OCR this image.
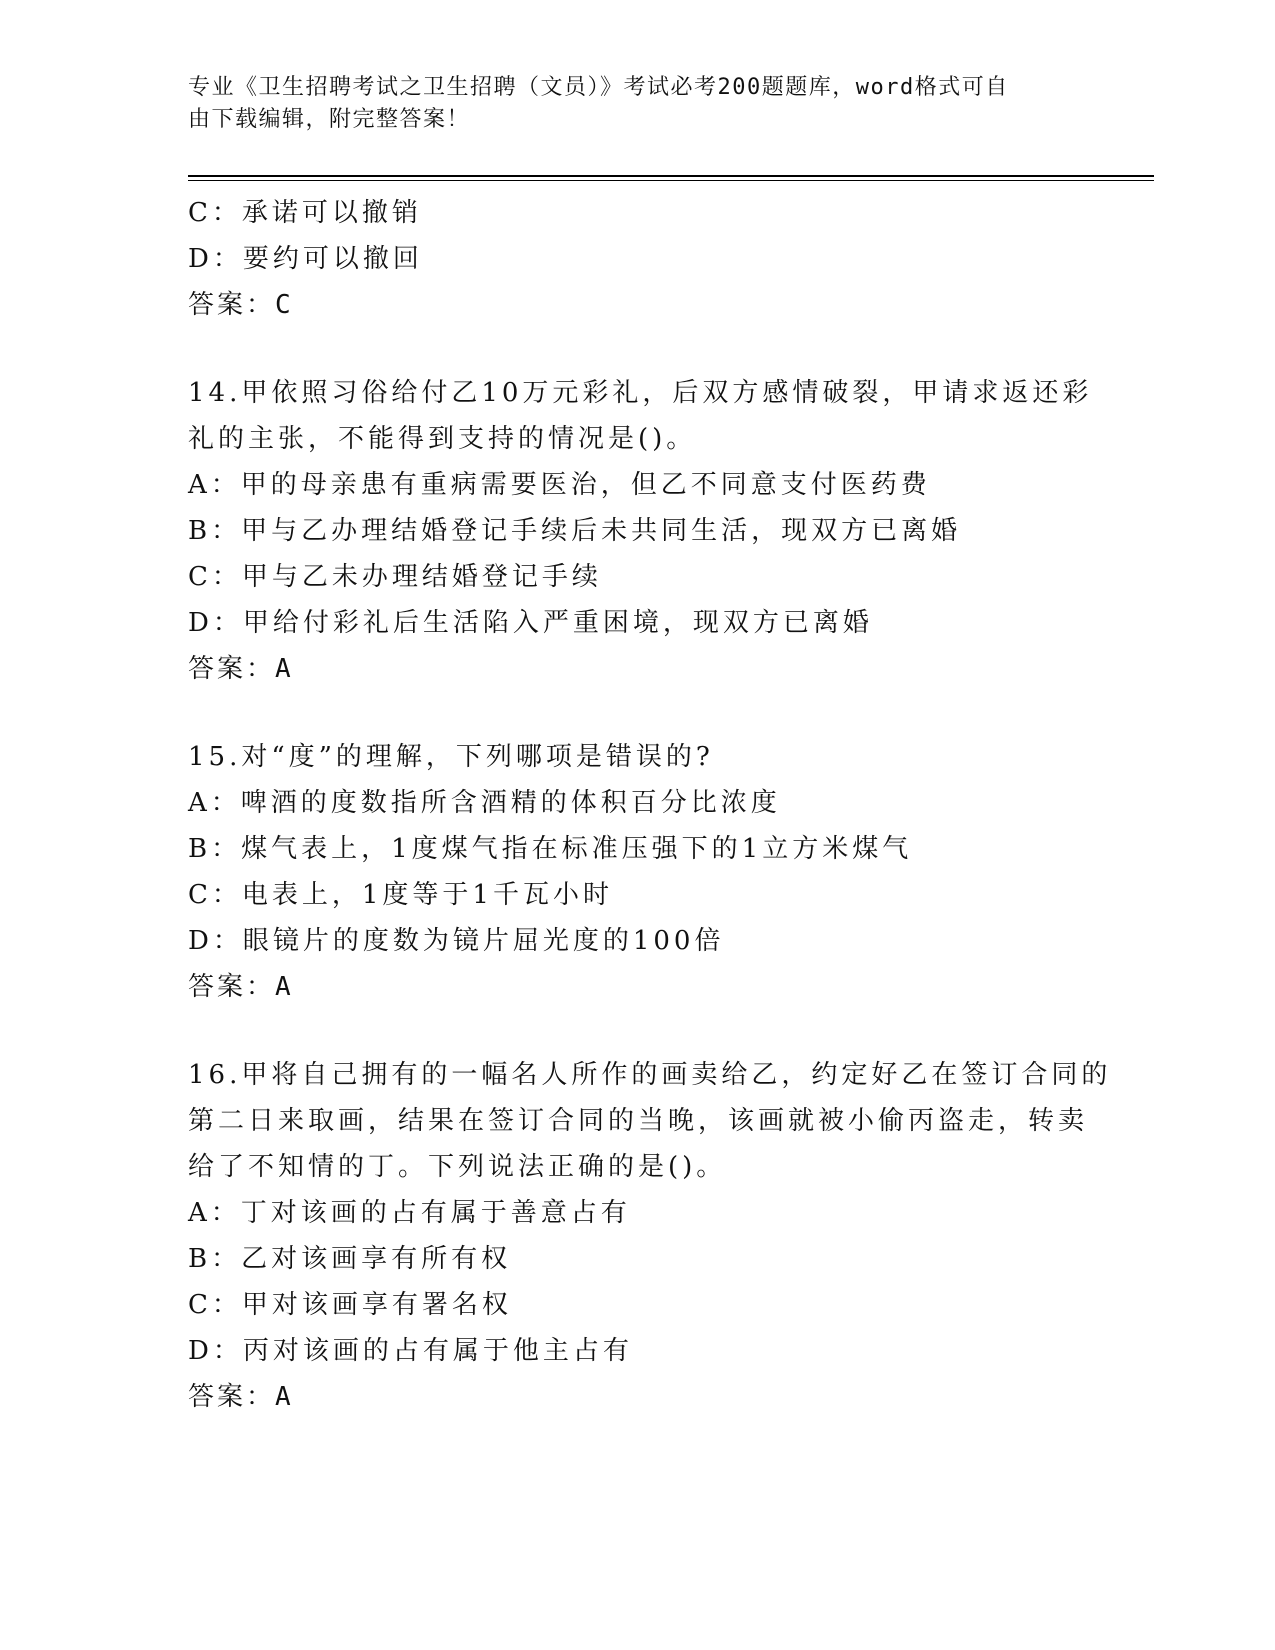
专业《卫生招聘考试之卫生招聘（文员）》考试必考200题题库，word格式可自
由下载编辑，附完整答案！
C：承诺可以撤销
D：要约可以撤回
答案：C
14.甲依照习俗给付乙10万元彩礼，后双方感情破裂，甲请求返还彩
礼的主张，不能得到支持的情况是()。
A：甲的母亲患有重病需要医治，但乙不同意支付医药费
B：甲与乙办理结婚登记手续后未共同生活，现双方已离婚
C：甲与乙未办理结婚登记手续
D：甲给付彩礼后生活陷入严重困境，现双方已离婚
答案：A
15.对“度”的理解，下列哪项是错误的?
A：啤酒的度数指所含酒精的体积百分比浓度
B：煤气表上，1度煤气指在标准压强下的1立方米煤气
C：电表上，1度等于1千瓦小时
D：眼镜片的度数为镜片屈光度的100倍
答案：A
16.甲将自己拥有的一幅名人所作的画卖给乙，约定好乙在签订合同的
第二日来取画，结果在签订合同的当晚，该画就被小偷丙盗走，转卖
给了不知情的丁。下列说法正确的是()。
A：丁对该画的占有属于善意占有
B：乙对该画享有所有权
C：甲对该画享有署名权
D：丙对该画的占有属于他主占有
答案：A
